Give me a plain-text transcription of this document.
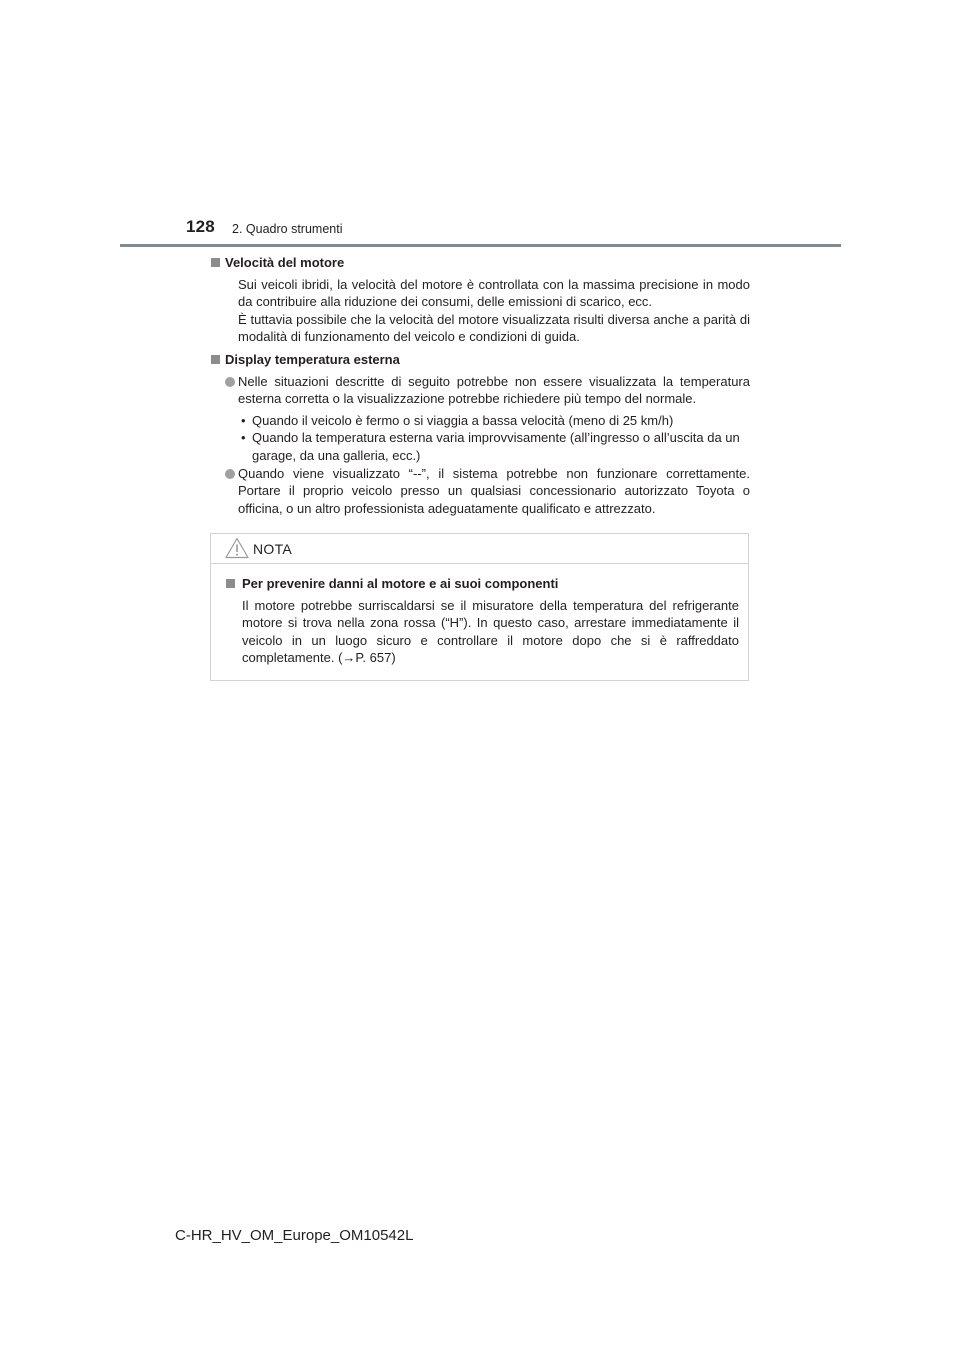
128 2. Quadro strumenti
Velocità del motore
Sui veicoli ibridi, la velocità del motore è controllata con la massima precisione in modo da contribuire alla riduzione dei consumi, delle emissioni di scarico, ecc.
È tuttavia possibile che la velocità del motore visualizzata risulti diversa anche a parità di modalità di funzionamento del veicolo e condizioni di guida.
Display temperatura esterna
Nelle situazioni descritte di seguito potrebbe non essere visualizzata la temperatura esterna corretta o la visualizzazione potrebbe richiedere più tempo del normale.
• Quando il veicolo è fermo o si viaggia a bassa velocità (meno di 25 km/h)
• Quando la temperatura esterna varia improvvisamente (all’ingresso o all’uscita da un garage, da una galleria, ecc.)
Quando viene visualizzato “--”, il sistema potrebbe non funzionare correttamente. Portare il proprio veicolo presso un qualsiasi concessionario autorizzato Toyota o officina, o un altro professionista adeguatamente qualificato e attrezzato.
NOTA
Per prevenire danni al motore e ai suoi componenti
Il motore potrebbe surriscaldarsi se il misuratore della temperatura del refrigerante motore si trova nella zona rossa (“H”). In questo caso, arrestare immediatamente il veicolo in un luogo sicuro e controllare il motore dopo che si è raffreddato completamente. (→P. 657)
C-HR_HV_OM_Europe_OM10542L
